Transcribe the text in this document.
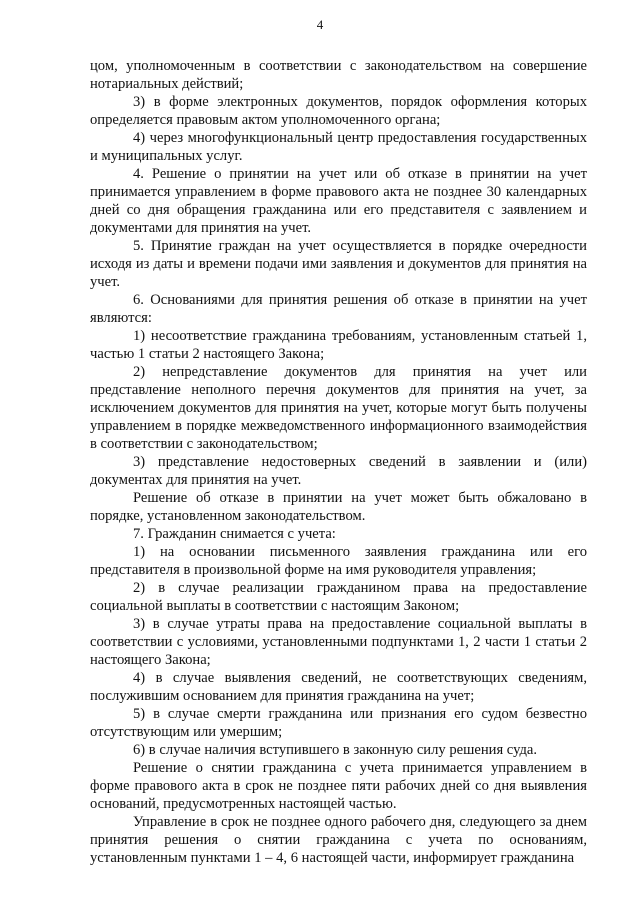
4

цом, уполномоченным в соответствии с законодательством на совершение нотариальных действий;

3) в форме электронных документов, порядок оформления которых определяется правовым актом уполномоченного органа;

4) через многофункциональный центр предоставления государственных и муниципальных услуг.

4. Решение о принятии на учет или об отказе в принятии на учет принимается управлением в форме правового акта не позднее 30 календарных дней со дня обращения гражданина или его представителя с заявлением и документами для принятия на учет.

5. Принятие граждан на учет осуществляется в порядке очередности исходя из даты и времени подачи ими заявления и документов для принятия на учет.

6. Основаниями для принятия решения об отказе в принятии на учет являются:

1) несоответствие гражданина требованиям, установленным статьей 1, частью 1 статьи 2 настоящего Закона;

2) непредставление документов для принятия на учет или представление неполного перечня документов для принятия на учет, за исключением документов для принятия на учет, которые могут быть получены управлением в порядке межведомственного информационного взаимодействия в соответствии с законодательством;

3) представление недостоверных сведений в заявлении и (или) документах для принятия на учет.

Решение об отказе в принятии на учет может быть обжаловано в порядке, установленном законодательством.

7. Гражданин снимается с учета:

1) на основании письменного заявления гражданина или его представителя в произвольной форме на имя руководителя управления;

2) в случае реализации гражданином права на предоставление социальной выплаты в соответствии с настоящим Законом;

3) в случае утраты права на предоставление социальной выплаты в соответствии с условиями, установленными подпунктами 1, 2 части 1 статьи 2 настоящего Закона;

4) в случае выявления сведений, не соответствующих сведениям, послужившим основанием для принятия гражданина на учет;

5) в случае смерти гражданина или признания его судом безвестно отсутствующим или умершим;

6) в случае наличия вступившего в законную силу решения суда.

Решение о снятии гражданина с учета принимается управлением в форме правового акта в срок не позднее пяти рабочих дней со дня выявления оснований, предусмотренных настоящей частью.

Управление в срок не позднее одного рабочего дня, следующего за днем принятия решения о снятии гражданина с учета по основаниям, установленным пунктами 1 – 4, 6 настоящей части, информирует гражданина
